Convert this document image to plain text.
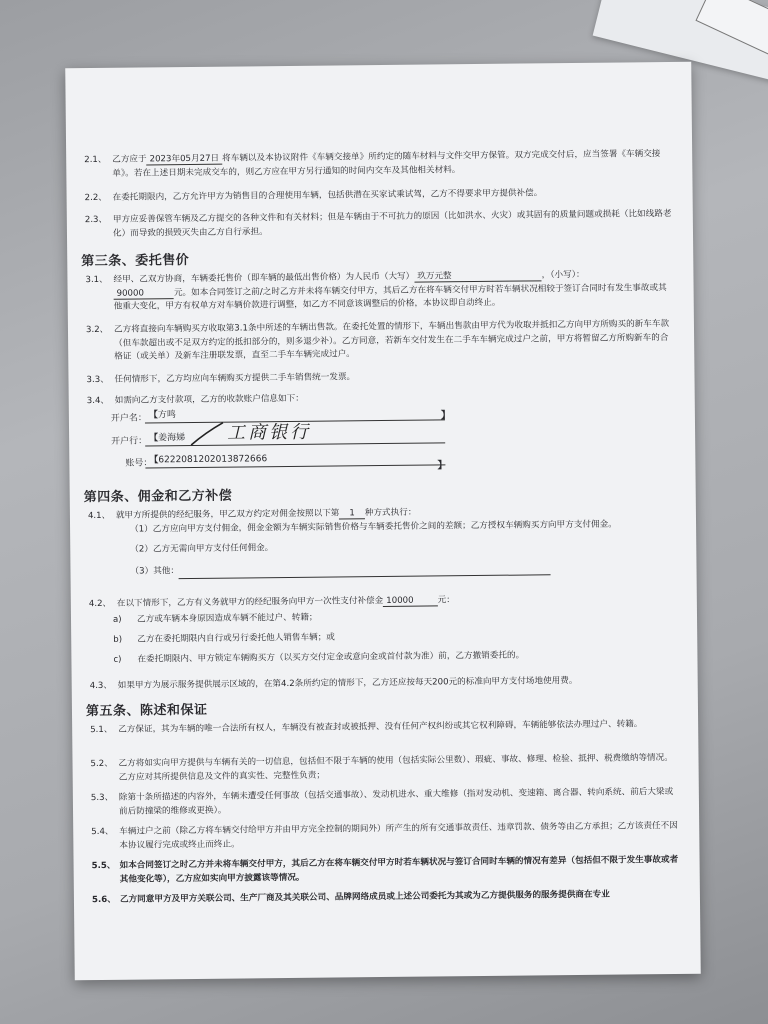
2.1、 乙方应于 2023年05月27日 将车辆以及本协议附件《车辆交接单》所约定的随车材料与文件交甲方保管。双方完成交付后，应当签署《车辆交接单》。若在上述日期未完成交车的，则乙方应在甲方另行通知的时间内交车及其他相关材料。
2.2、 在委托期限内，乙方允许甲方为销售目的合理使用车辆，包括供潜在买家试乘试驾，乙方不得要求甲方提供补偿。
2.3、 甲方应妥善保管车辆及乙方提交的各种文件和有关材料；但是车辆由于不可抗力的原因（比如洪水、火灾）或其固有的质量问题或损耗（比如线路老化）而导致的损毁灭失由乙方自行承担。
第三条、委托售价
3.1、 经甲、乙双方协商，车辆委托售价（即车辆的最低出售价格）为人民币（大写） 玖万元整	，（小写）：
90000	元。如本合同签订之前/之时乙方并未将车辆交付甲方，其后乙方在将车辆交付甲方时若车辆状况相较于签订合同时有发生事故或其他重大变化，甲方有权单方对车辆价款进行调整，如乙方不同意该调整后的价格，本协议即自动终止。
3.2、 乙方将直接向车辆购买方收取第3.1条中所述的车辆出售款。在委托处置的情形下，车辆出售款由甲方代为收取并抵扣乙方向甲方所购买的新车车款（但车款超出或不足双方约定的抵扣部分的，则多退少补）。乙方同意，若新车交付发生在二手车车辆完成过户之前，甲方将暂留乙方所购新车的合格证（或关单）及新车注册联发票，直至二手车车辆完成过户。
3.3、 任何情形下，乙方均应向车辆购买方提供二手车销售统一发票。
3.4、 如需向乙方支付款项，乙方的收款账户信息如下：
开户名： 【方鸣	】
开户行： 【姜海娣	工商银行
账号：
【6222081202013872666
】
第四条、佣金和乙方补偿
4.1、 就甲方所提供的经纪服务，甲乙双方约定对佣金按照以下第 1 种方式执行：
（1）乙方应向甲方支付佣金，佣金金额为车辆实际销售价格与车辆委托售价之间的差额；乙方授权车辆购买方向甲方支付佣金。
（2）乙方无需向甲方支付任何佣金。
（3）其他：
4.2、 在以下情形下，乙方有义务就甲方的经纪服务向甲方一次性支付补偿金 10000	元：
a) 乙方或车辆本身原因造成车辆不能过户、转籍；
b) 乙方在委托期限内自行或另行委托他人销售车辆；或
c) 在委托期限内、甲方锁定车辆购买方（以买方交付定金或意向金或首付款为准）前，乙方撤销委托的。
4.3、 如果甲方为展示服务提供展示区域的，在第4.2条所约定的情形下，乙方还应按每天200元的标准向甲方支付场地使用费。
第五条、陈述和保证
5.1、 乙方保证，其为车辆的唯一合法所有权人，车辆没有被查封或被抵押、没有任何产权纠纷或其它权利障碍，车辆能够依法办理过户、转籍。
5.2、 乙方将如实向甲方提供与车辆有关的一切信息，包括但不限于车辆的使用（包括实际公里数）、瑕疵、事故、修理、检验、抵押、税费缴纳等情况。乙方应对其所提供信息及文件的真实性、完整性负责；
5.3、 除第十条所描述的内容外，车辆未遭受任何事故（包括交通事故）、发动机进水、重大维修（指对发动机、变速箱、离合器、转向系统、前后大梁或前后防撞梁的维修或更换）。
5.4、 车辆过户之前（除乙方将车辆交付给甲方并由甲方完全控制的期间外）所产生的所有交通事故责任、违章罚款、债务等由乙方承担；乙方该责任不因本协议履行完成或终止而终止。
5.5、 如本合同签订之时乙方并未将车辆交付甲方，其后乙方在将车辆交付甲方时若车辆状况与签订合同时车辆的情况有差异（包括但不限于发生事故或者其他变化等），乙方应如实向甲方披露该等情况。
5.6、 乙方同意甲方及甲方关联公司、生产厂商及其关联公司、品牌网络成员或上述公司委托为其或为乙方提供服务的服务提供商在专业
